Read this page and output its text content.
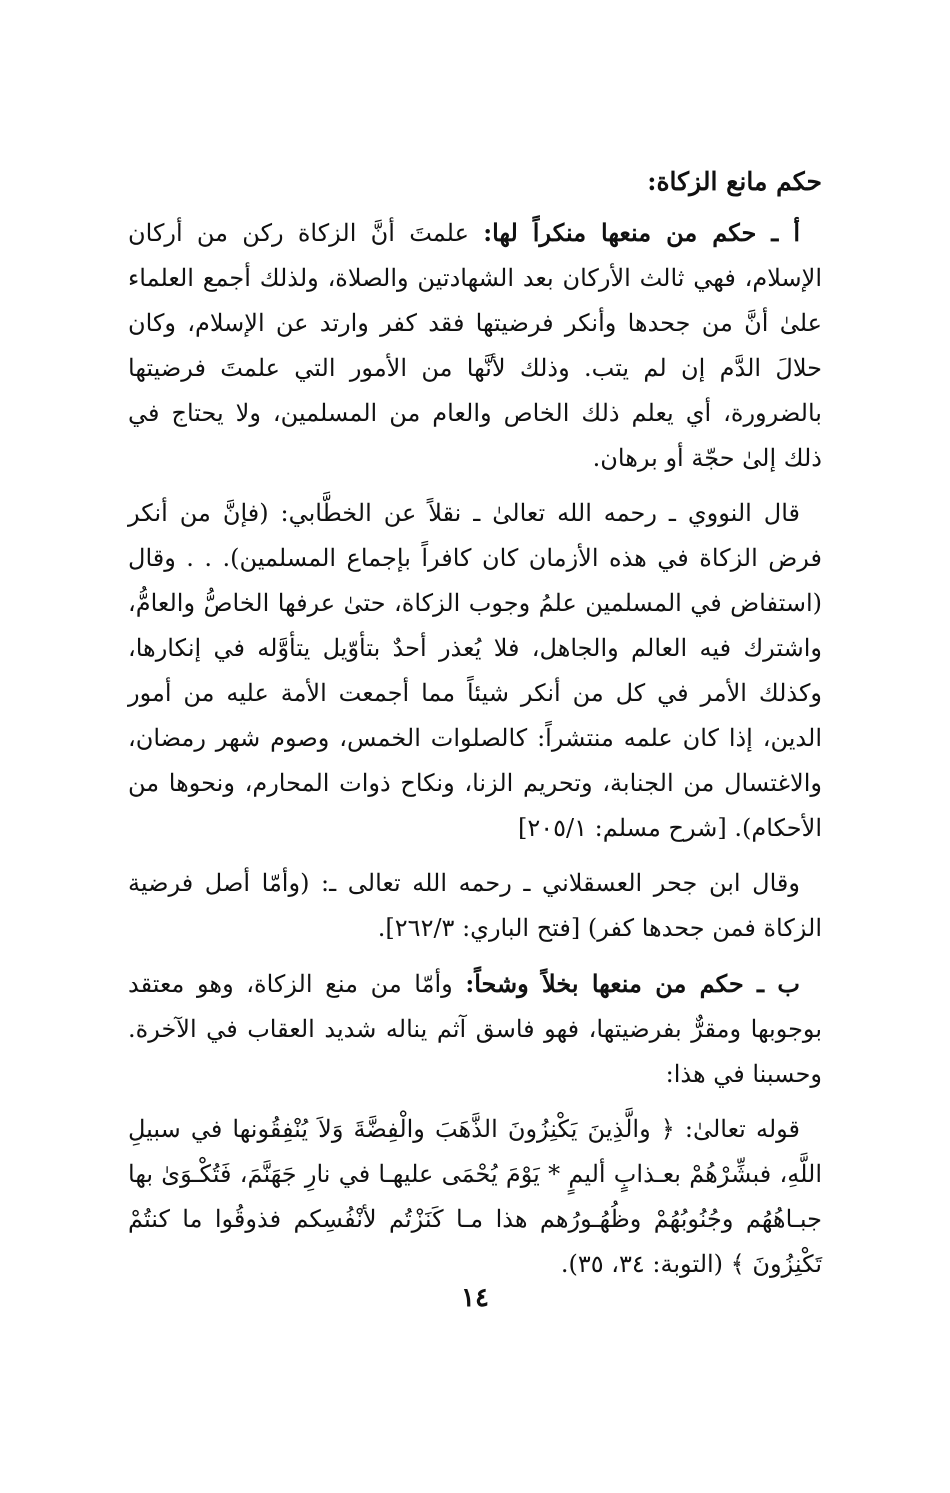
حكم مانع الزكاة:

أ ـ حكم من منعها منكراً لها: علمتَ أنَّ الزكاة ركن من أركان الإسلام، فهي ثالث الأركان بعد الشهادتين والصلاة، ولذلك أجمع العلماء علىٰ أنَّ من جحدها وأنكر فرضيتها فقد كفر وارتد عن الإسلام، وكان حلالَ الدَّم إن لم يتب. وذلك لأنَّها من الأمور التي علمتَ فرضيتها بالضرورة، أي يعلم ذلك الخاص والعام من المسلمين، ولا يحتاج في ذلك إلىٰ حجّة أو برهان.

قال النووي ـ رحمه الله تعالىٰ ـ نقلاً عن الخطَّابي: (فإنَّ من أنكر فرض الزكاة في هذه الأزمان كان كافراً بإجماع المسلمين). . . وقال (استفاض في المسلمين علمُ وجوب الزكاة، حتىٰ عرفها الخاصُّ والعامُّ، واشترك فيه العالم والجاهل، فلا يُعذر أحدٌ بتأوّيل يتأوَّله في إنكارها، وكذلك الأمر في كل من أنكر شيئاً مما أجمعت الأمة عليه من أمور الدين، إذا كان علمه منتشراً: كالصلوات الخمس، وصوم شهر رمضان، والاغتسال من الجنابة، وتحريم الزنا، ونكاح ذوات المحارم، ونحوها من الأحكام). [شرح مسلم: ٢٠٥/١]

وقال ابن جحر العسقلاني ـ رحمه الله تعالى ـ: (وأمّا أصل فرضية الزكاة فمن جحدها كفر) [فتح الباري: ٢٦٢/٣].

ب ـ حكم من منعها بخلاً وشحاً: وأمّا من منع الزكاة، وهو معتقد بوجوبها ومقرٌّ بفرضيتها، فهو فاسق آثم يناله شديد العقاب في الآخرة. وحسبنا في هذا:

قوله تعالىٰ: ﴿ والَّذِينَ يَكْنِزُونَ الذَّهَبَ والْفِضَّةَ وَلاَ يُنْفِقُونها في سبيلِ اللَّهِ، فبشِّرْهُمْ بعـذابٍ أليمٍ * يَوْمَ يُحْمَى عليهـا في نارِ جَهَنَّمَ، فَتُكْـوَىٰ بها جبـاهُهُم وجُنُوبُهُمْ وظُهُـورُهم هذا مـا كَنَزْتُم لأنْفُسِكم فذوقُوا ما كنتُمْ تَكْنِزُونَ ﴾ (التوبة: ٣٤، ٣٥).

١٤
